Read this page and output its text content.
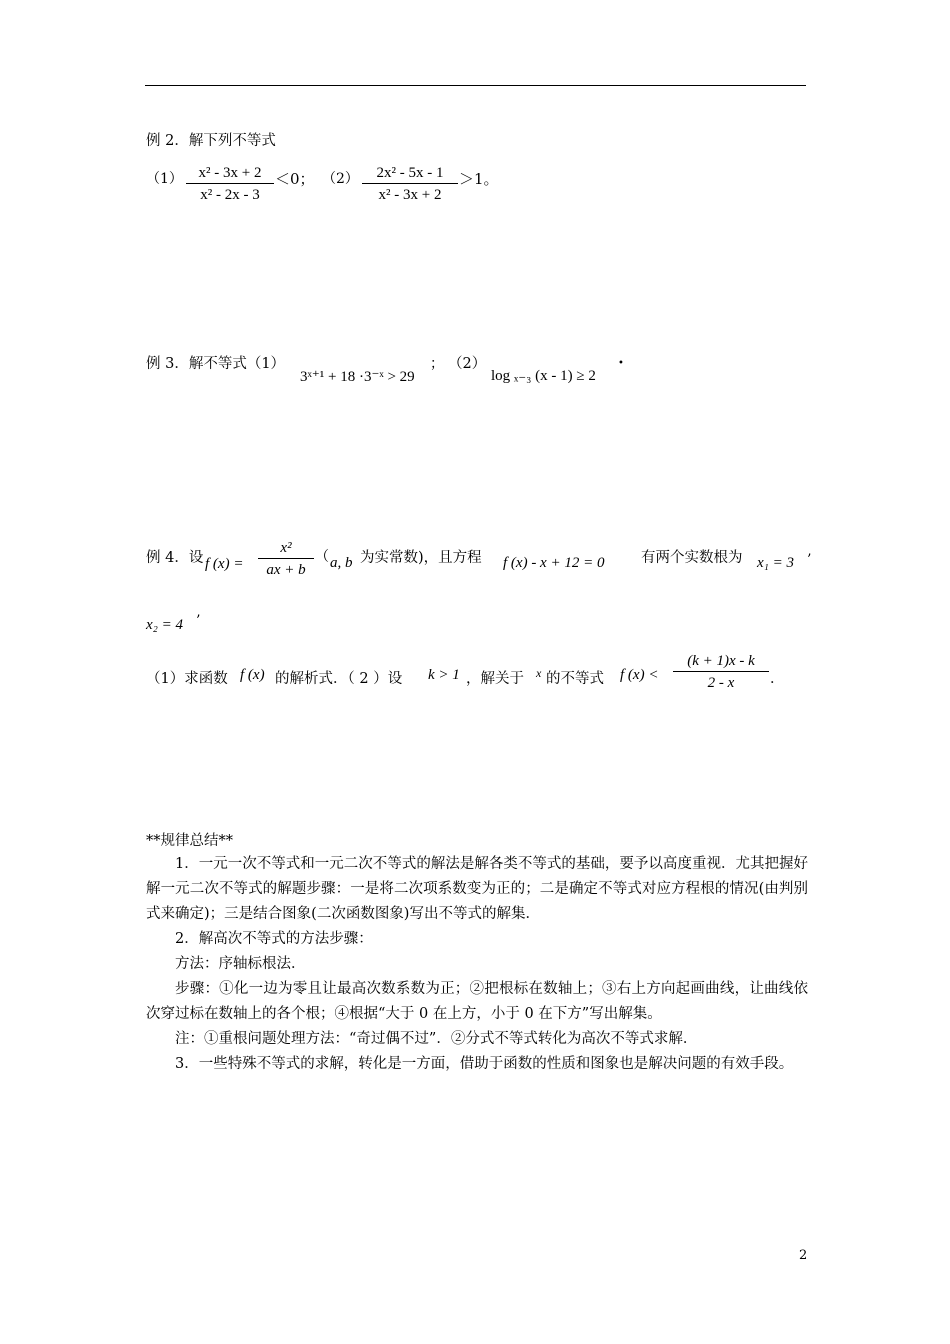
例 2．解下列不等式
$(1) \frac{\text{x² - 3x + 2}}{\text{x² - 2x - 3}} <0$； $(2) \frac{\text{2x² - 5x - 1}}{\text{x² - 3x + 2}} >1$。
例 3．解不等式（1）
3ˣ⁺¹ + 18 ·3⁻ˣ > 29
； （2）
log ₓ₋₃ (x - 1) ≥ 2
•
例 4．设 f $(x) = \frac{\text{x²}}{ax + b}$ （ a, b 为实常数)，且方程 f (x) - x + 12 = 0	有两个实数根为 x₁ = 3 ’
x₂ = 4 ’
（1）求函数 f (x) 的解析式．（ 2 ）设 k > 1 ，解关于 x 的不等式 f $(x) < \frac{(k + 1)x - k}{2 - x}$ ．
**规律总结**
1．一元一次不等式和一元二次不等式的解法是解各类不等式的基础，要予以高度重视．尤其把握好解一元二次不等式的解题步骤：一是将二次项系数变为正的；二是确定不等式对应方程根的情况(由判别式来确定)；三是结合图象(二次函数图象)写出不等式的解集．
2．解高次不等式的方法步骤：
方法：序轴标根法．
步骤：①化一边为零且让最高次数系数为正；②把根标在数轴上；③右上方向起画曲线，让曲线依次穿过标在数轴上的各个根；④根据“大于 0 在上方，小于 0 在下方”写出解集。
注：①重根问题处理方法：“奇过偶不过”．②分式不等式转化为高次不等式求解．
3．一些特殊不等式的求解，转化是一方面，借助于函数的性质和图象也是解决问题的有效手段。
2
